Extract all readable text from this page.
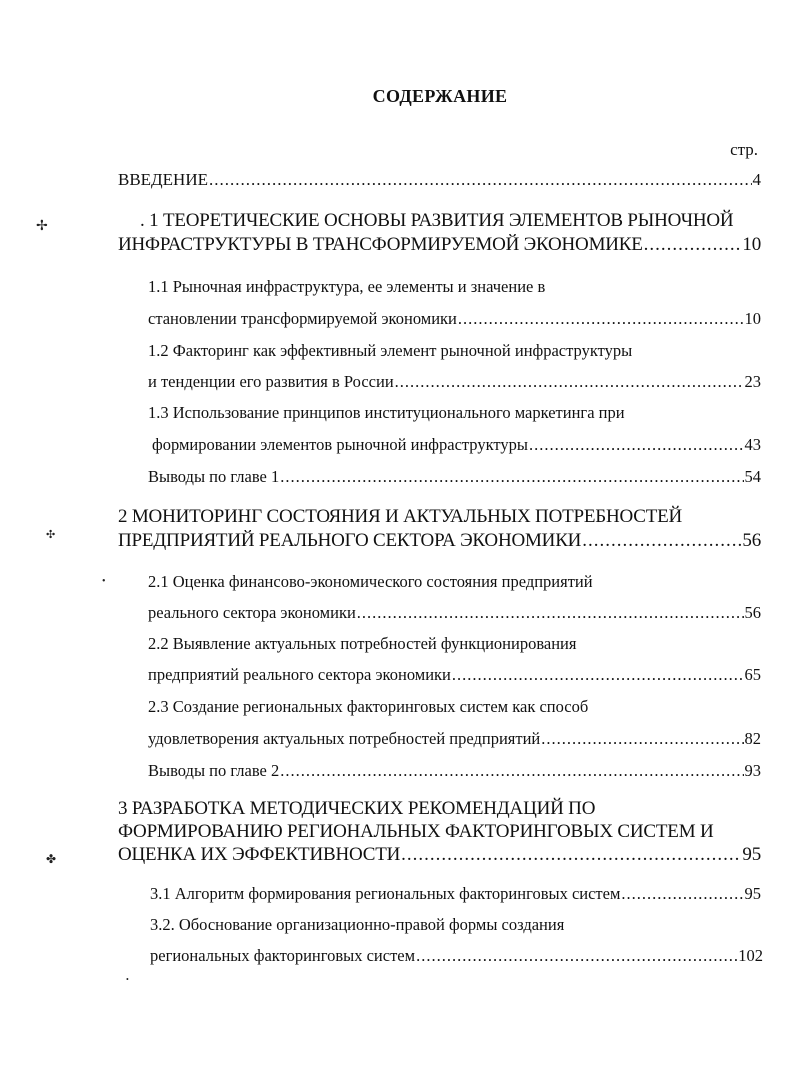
СОДЕРЖАНИЕ
стр.
ВВЕДЕНИЕ .....	4
. 1 ТЕОРЕТИЧЕСКИЕ ОСНОВЫ РАЗВИТИЯ ЭЛЕМЕНТОВ РЫНОЧНОЙ
ИНФРАСТРУКТУРЫ В ТРАНСФОРМИРУЕМОЙ ЭКОНОМИКЕ .....	10
1.1 Рыночная инфраструктура, ее элементы и значение в
становлении трансформируемой экономики .....	10
1.2 Факторинг как эффективный элемент рыночной инфраструктуры
и тенденции его развития в России .....	23
1.3 Использование принципов институционального маркетинга при
формировании элементов рыночной инфраструктуры .....	43
Выводы по главе 1 .....	54
2 МОНИТОРИНГ СОСТОЯНИЯ И АКТУАЛЬНЫХ ПОТРЕБНОСТЕЙ
ПРЕДПРИЯТИЙ РЕАЛЬНОГО СЕКТОРА ЭКОНОМИКИ .....	56
2.1 Оценка финансово-экономического состояния предприятий
реального сектора экономики .....	56
2.2 Выявление актуальных потребностей функционирования
предприятий реального сектора экономики .....	65
2.3 Создание региональных факторинговых систем как способ
удовлетворения актуальных потребностей предприятий .....	82
Выводы по главе 2 .....	93
3 РАЗРАБОТКА МЕТОДИЧЕСКИХ РЕКОМЕНДАЦИЙ ПО
ФОРМИРОВАНИЮ РЕГИОНАЛЬНЫХ ФАКТОРИНГОВЫХ СИСТЕМ И
ОЦЕНКА ИХ ЭФФЕКТИВНОСТИ .....	95
3.1 Алгоритм формирования региональных факторинговых систем .....	95
3.2. Обоснование организационно-правой формы создания
региональных факторинговых систем .....	102
✢
✣
✤
•
•
